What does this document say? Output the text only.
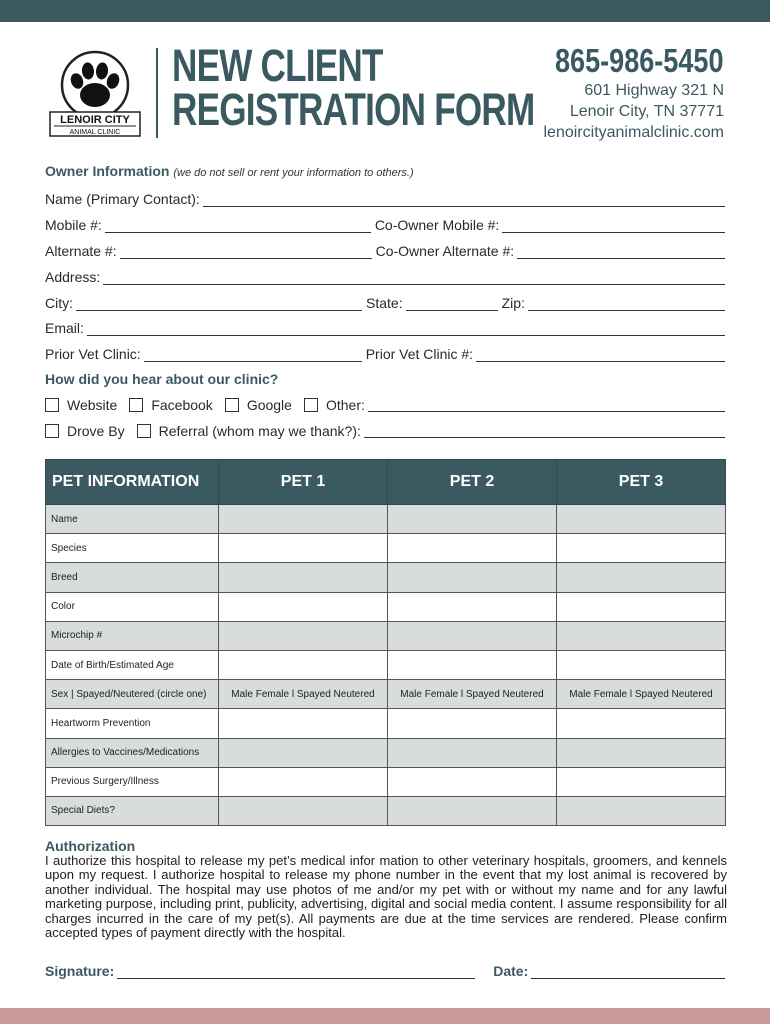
LENOIR CITY
ANIMAL CLINIC
NEW CLIENT
REGISTRATION FORM
865-986-5450
601 Highway 321 N
Lenoir City, TN 37771
lenoircityanimalclinic.com
Owner Information (we do not sell or rent your information to others.)
Name (Primary Contact):
Mobile #:	Co-Owner Mobile #:
Alternate #:	Co-Owner Alternate #:
Address:
City:	State:	Zip:
Email:
Prior Vet Clinic:	Prior Vet Clinic #:
How did you hear about our clinic?
Website Facebook Google Other:
Drove By Referral (whom may we thank?):
PET INFORMATION	PET 1	PET 2	PET 3
Name			
Species			
Breed			
Color			
Microchip #			
Date of Birth/Estimated Age			
Sex | Spayed/Neutered (circle one)	Male Female l Spayed Neutered	Male Female l Spayed Neutered	Male Female l Spayed Neutered
Heartworm Prevention			
Allergies to Vaccines/Medications			
Previous Surgery/Illness			
Special Diets?			
Authorization
I authorize this hospital to release my pet’s medical infor mation to other veterinary hospitals, groomers, and kennels upon my request. I authorize hospital to release my phone number in the event that my lost animal is recovered by another individual. The hospital may use photos of me and/or my pet with or without my name and for any lawful marketing purpose, including print, publicity, advertising, digital and social media content. I assume responsibility for all charges incurred in the care of my pet(s). All payments are due at the time services are rendered. Please confirm accepted types of payment directly with the hospital.
Signature:	Date:
